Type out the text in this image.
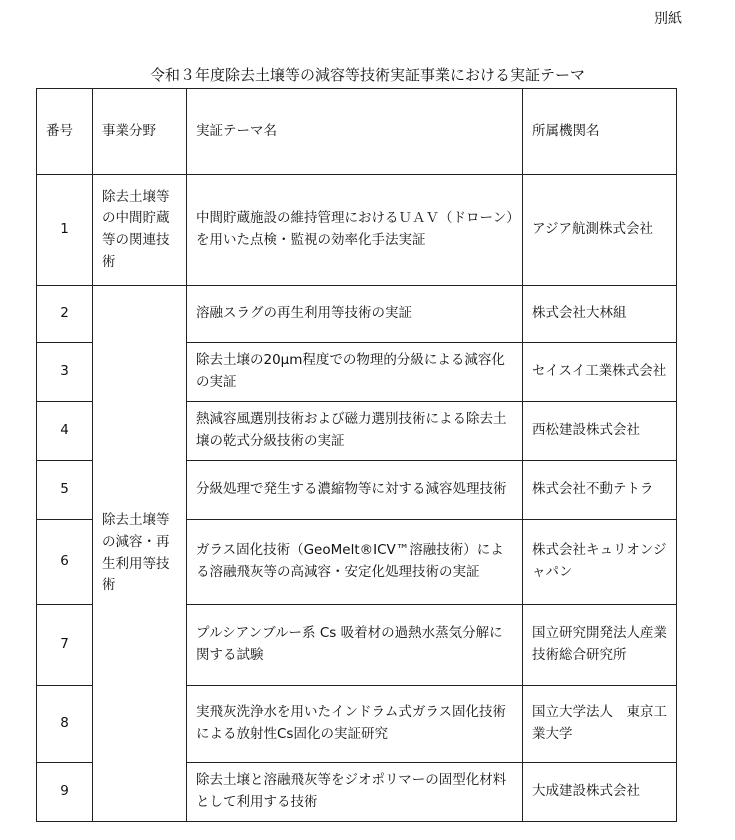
別紙
令和３年度除去土壌等の減容等技術実証事業における実証テーマ
番号	事業分野	実証テーマ名	所属機関名
1	除去土壌等の中間貯蔵等の関連技術	中間貯蔵施設の維持管理におけるＵＡＶ（ドローン）を用いた点検・監視の効率化手法実証	アジア航測株式会社
2	除去土壌等の減容・再生利用等技術	溶融スラグの再生利用等技術の実証	株式会社大林組
3		除去土壌の20μm程度での物理的分級による減容化の実証	セイスイ工業株式会社
4		熱減容風選別技術および磁力選別技術による除去土壌の乾式分級技術の実証	西松建設株式会社
5		分級処理で発生する濃縮物等に対する減容処理技術	株式会社不動テトラ
6		ガラス固化技術（GeoMelt®ICV™溶融技術）による溶融飛灰等の高減容・安定化処理技術の実証	株式会社キュリオンジャパン
7		プルシアンブルー系 Cs 吸着材の過熱水蒸気分解に関する試験	国立研究開発法人産業技術総合研究所
8		実飛灰洗浄水を用いたインドラム式ガラス固化技術による放射性Cs固化の実証研究	国立大学法人　東京工業大学
9		除去土壌と溶融飛灰等をジオポリマーの固型化材料として利用する技術	大成建設株式会社
